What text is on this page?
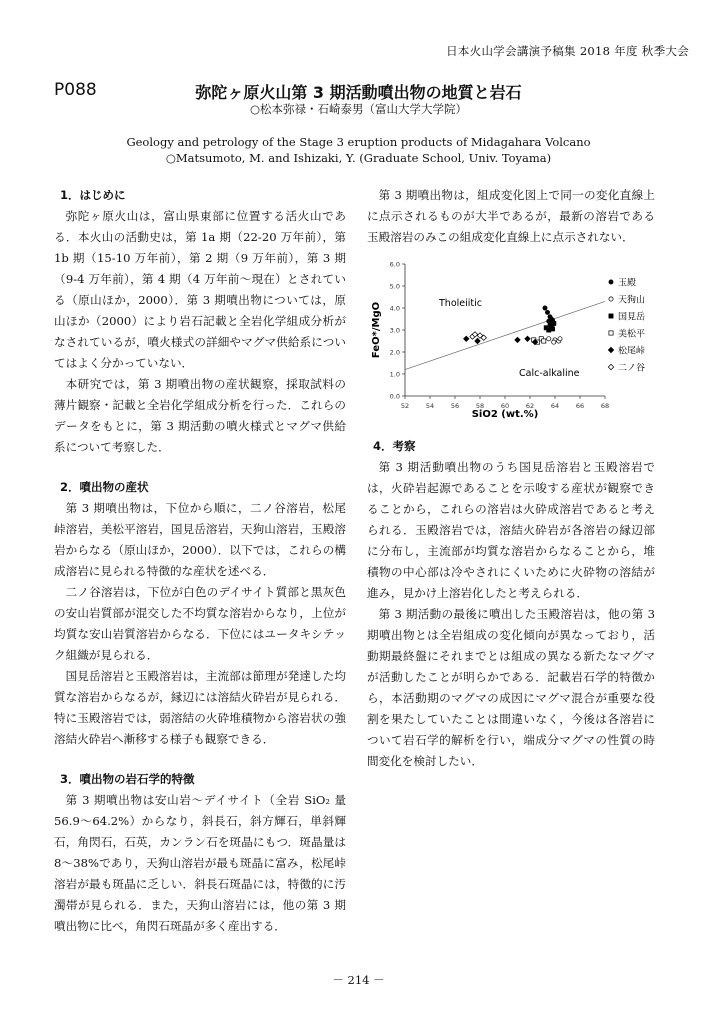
日本火山学会講演予稿集 2018 年度 秋季大会
P088	弥陀ヶ原火山第 3 期活動噴出物の地質と岩石
○松本弥禄・石崎泰男（富山大学大学院）
Geology and petrology of the Stage 3 eruption products of Midagahara Volcano
○Matsumoto, M. and Ishizaki, Y. (Graduate School, Univ. Toyama)

1．はじめに

弥陀ヶ原火山は，富山県東部に位置する活火山である．本火山の活動史は，第 1a 期（22-20 万年前），第 1b 期（15-10 万年前），第 2 期（9 万年前），第 3 期（9-4 万年前），第 4 期（4 万年前〜現在）とされている（原山ほか，2000）．第 3 期噴出物については，原山ほか（2000）により岩石記載と全岩化学組成分析がなされているが，噴火様式の詳細やマグマ供給系についてはよく分かっていない．

本研究では，第 3 期噴出物の産状観察，採取試料の薄片観察・記載と全岩化学組成分析を行った．これらのデータをもとに，第 3 期活動の噴火様式とマグマ供給系について考察した．

2．噴出物の産状

第 3 期噴出物は，下位から順に，二ノ谷溶岩，松尾峠溶岩，美松平溶岩，国見岳溶岩，天狗山溶岩，玉殿溶岩からなる（原山ほか，2000）．以下では，これらの構成溶岩に見られる特徴的な産状を述べる．

二ノ谷溶岩は，下位が白色のデイサイト質部と黒灰色の安山岩質部が混交した不均質な溶岩からなり，上位が均質な安山岩質溶岩からなる．下位にはユータキシテック組織が見られる．

国見岳溶岩と玉殿溶岩は，主流部は節理が発達した均質な溶岩からなるが，縁辺には溶結火砕岩が見られる．特に玉殿溶岩では，弱溶結の火砕堆積物から溶岩状の強溶結火砕岩へ漸移する様子も観察できる．

3．噴出物の岩石学的特徴

第 3 期噴出物は安山岩〜デイサイト（全岩 SiO₂ 量 56.9〜64.2%）からなり，斜長石，斜方輝石，単斜輝石，角閃石，石英，カンラン石を斑晶にもつ．斑晶量は 8〜38%であり，天狗山溶岩が最も斑晶に富み，松尾峠溶岩が最も斑晶に乏しい．斜長石斑晶には，特徴的に汚濁帯が見られる．また，天狗山溶岩には，他の第 3 期噴出物に比べ，角閃石斑晶が多く産出する．

第 3 期噴出物は，組成変化図上で同一の変化直線上に点示されるものが大半であるが，最新の溶岩である玉殿溶岩のみこの組成変化直線上に点示されない．

FeO*/MgO
SiO2 (wt.%)
Tholeiitic
Calc-alkaline
52	54	56	58	60	62	64	66	68
0.0
1.0
2.0
3.0
4.0
5.0
6.0
玉殿
天狗山
国見岳
美松平
松尾峠
二ノ谷

4．考察

第 3 期活動噴出物のうち国見岳溶岩と玉殿溶岩では，火砕岩起源であることを示唆する産状が観察できることから，これらの溶岩は火砕成溶岩であると考えられる．玉殿溶岩では，溶結火砕岩が各溶岩の縁辺部に分布し，主流部が均質な溶岩からなることから，堆積物の中心部は冷やされにくいために火砕物の溶結が進み，見かけ上溶岩化したと考えられる．

第 3 期活動の最後に噴出した玉殿溶岩は，他の第 3 期噴出物とは全岩組成の変化傾向が異なっており，活動期最終盤にそれまでとは組成の異なる新たなマグマが活動したことが明らかである．記載岩石学的特徴から，本活動期のマグマの成因にマグマ混合が重要な役割を果たしていたことは間違いなく，今後は各溶岩について岩石学的解析を行い，端成分マグマの性質の時間変化を検討したい．

－ 214 －
